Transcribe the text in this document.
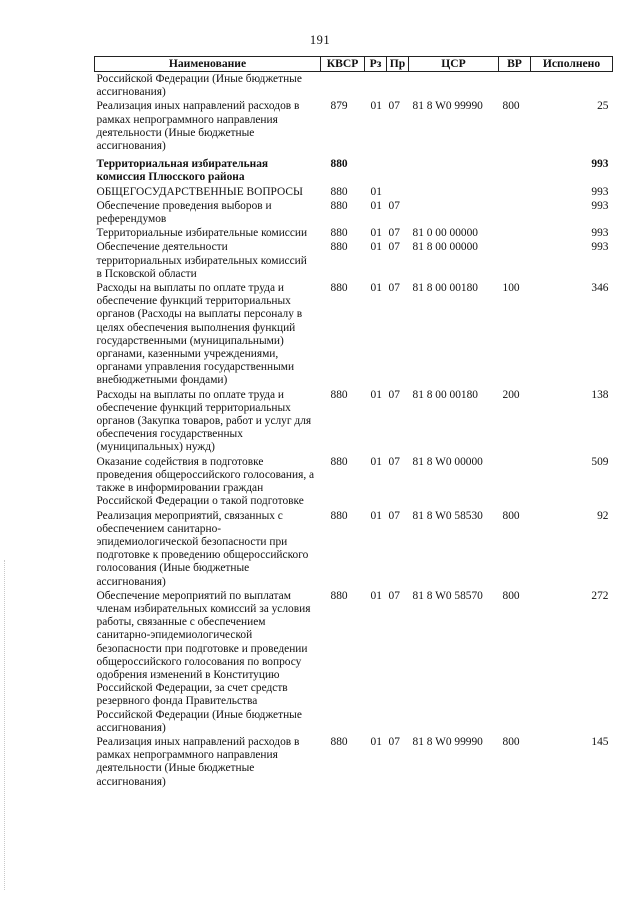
191
Наименование	КВСР	Рз	Пр	ЦСР	ВР	Исполнено
Российской Федерации (Иные бюджетные ассигнования)						
Реализация иных направлений расходов в рамках непрограммного направления деятельности (Иные бюджетные ассигнования)	879	01	07	81 8 W0 99990	800	25
Территориальная избирательная комиссия Плюсского района	880					993
ОБЩЕГОСУДАРСТВЕННЫЕ ВОПРОСЫ	880	01				993
Обеспечение проведения выборов и референдумов	880	01	07			993
Территориальные избирательные комиссии	880	01	07	81 0 00 00000		993
Обеспечение деятельности территориальных избирательных комиссий в Псковской области	880	01	07	81 8 00 00000		993
Расходы на выплаты по оплате труда и обеспечение функций территориальных органов (Расходы на выплаты персоналу в целях обеспечения выполнения функций государственными (муниципальными) органами, казенными учреждениями, органами управления государственными внебюджетными фондами)	880	01	07	81 8 00 00180	100	346
Расходы на выплаты по оплате труда и обеспечение функций территориальных органов (Закупка товаров, работ и услуг для обеспечения государственных (муниципальных) нужд)	880	01	07	81 8 00 00180	200	138
Оказание содействия в подготовке проведения общероссийского голосования, а также в информировании граждан Российской Федерации о такой подготовке	880	01	07	81 8 W0 00000		509
Реализация мероприятий, связанных с обеспечением санитарно-эпидемиологической безопасности при подготовке к проведению общероссийского голосования (Иные бюджетные ассигнования)	880	01	07	81 8 W0 58530	800	92
Обеспечение мероприятий по выплатам членам избирательных комиссий за условия работы, связанные с обеспечением санитарно-эпидемиологической безопасности при подготовке и проведении общероссийского голосования по вопросу одобрения изменений в Конституцию Российской Федерации, за счет средств резервного фонда Правительства Российской Федерации (Иные бюджетные ассигнования)	880	01	07	81 8 W0 58570	800	272
Реализация иных направлений расходов в рамках непрограммного направления деятельности (Иные бюджетные ассигнования)	880	01	07	81 8 W0 99990	800	145
